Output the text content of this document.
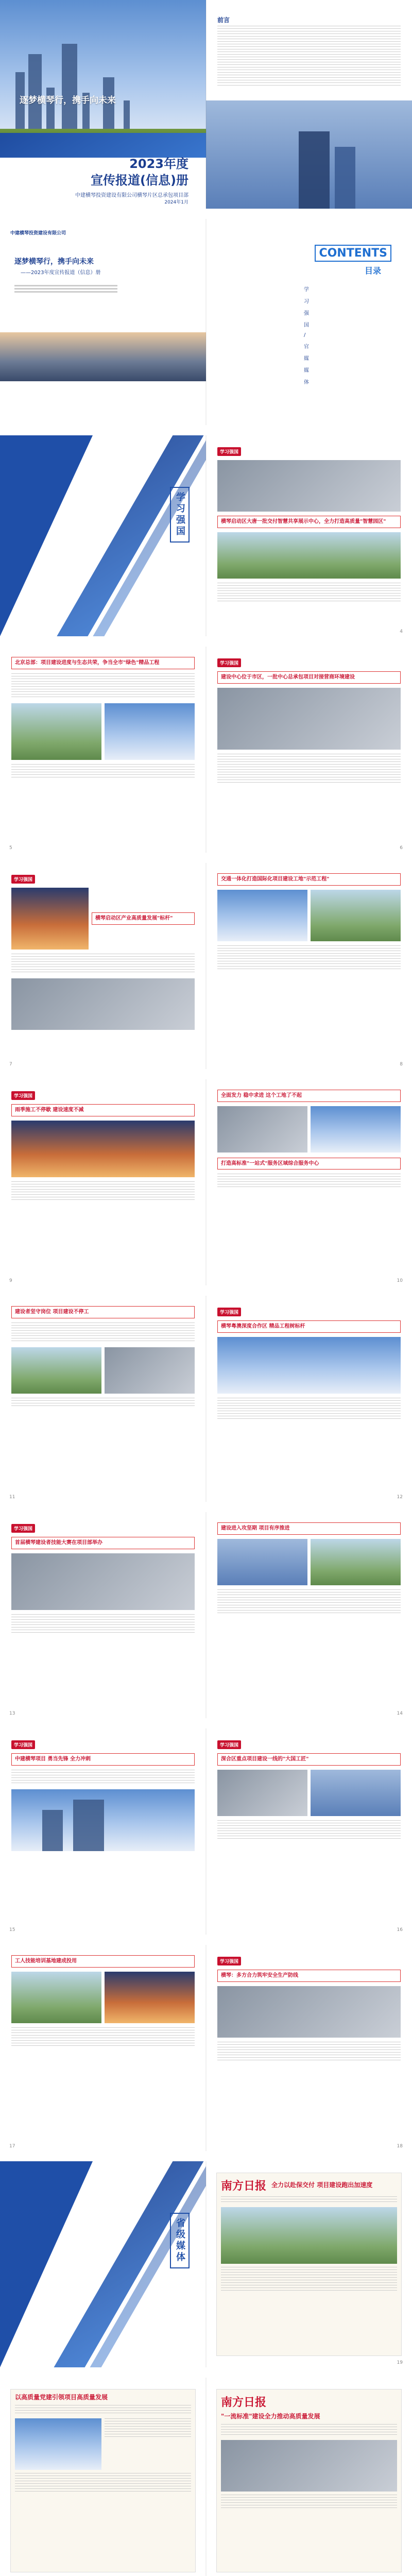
逐梦横琴行，携手向未来
2023年度
宣传报道(信息)册
中建横琴投资建设有限公司横琴片区总承包项目部
2024年1月
前言
中建横琴投资建设有限公司
逐梦横琴行，携手向未来
——2023年度宣传报道（信息）册
CONTENTS
目录
学
习
强
国
/
官
媒
媒
体
学习强国
学习强国
横琴启动区大唐一批交付智慧共享展示中心，全力打造高质量"智慧园区"
4
北京总部：项目建设进度与生态共荣，争当全市"绿色"精品工程
5
学习强国
建设中心位于市区，一批中心总承包项目对接营商环境建设
6
学习强国
横琴启动区产业高质量发展"标杆"
7
交通一体化打造国际化项目建设工地"示范工程"
8
学习强国
雨季施工不停歇 建设速度不减
9
全面发力 稳中求进 这个工地了不起
打造高标准"一站式"服务区域综合服务中心
10
建设者坚守岗位 项目建设不停工
11
学习强国
横琴粤澳深度合作区 精品工程树标杆
12
学习强国
首届横琴建设者技能大赛在项目部举办
13
建设进入攻坚期 项目有序推进
14
学习强国
中建横琴项目 勇当先锋 全力冲刺
15
学习强国
深合区重点项目建设一线的"大国工匠"
16
工人技能培训基地建成投用
17
学习强国
横琴：多方合力筑牢安全生产防线
18
省级媒体
南方日报 全力以赴保交付 项目建设跑出加速度
19
以高质量党建引领项目高质量发展	南方日报
"一流标准"建设全力推动高质量发展
